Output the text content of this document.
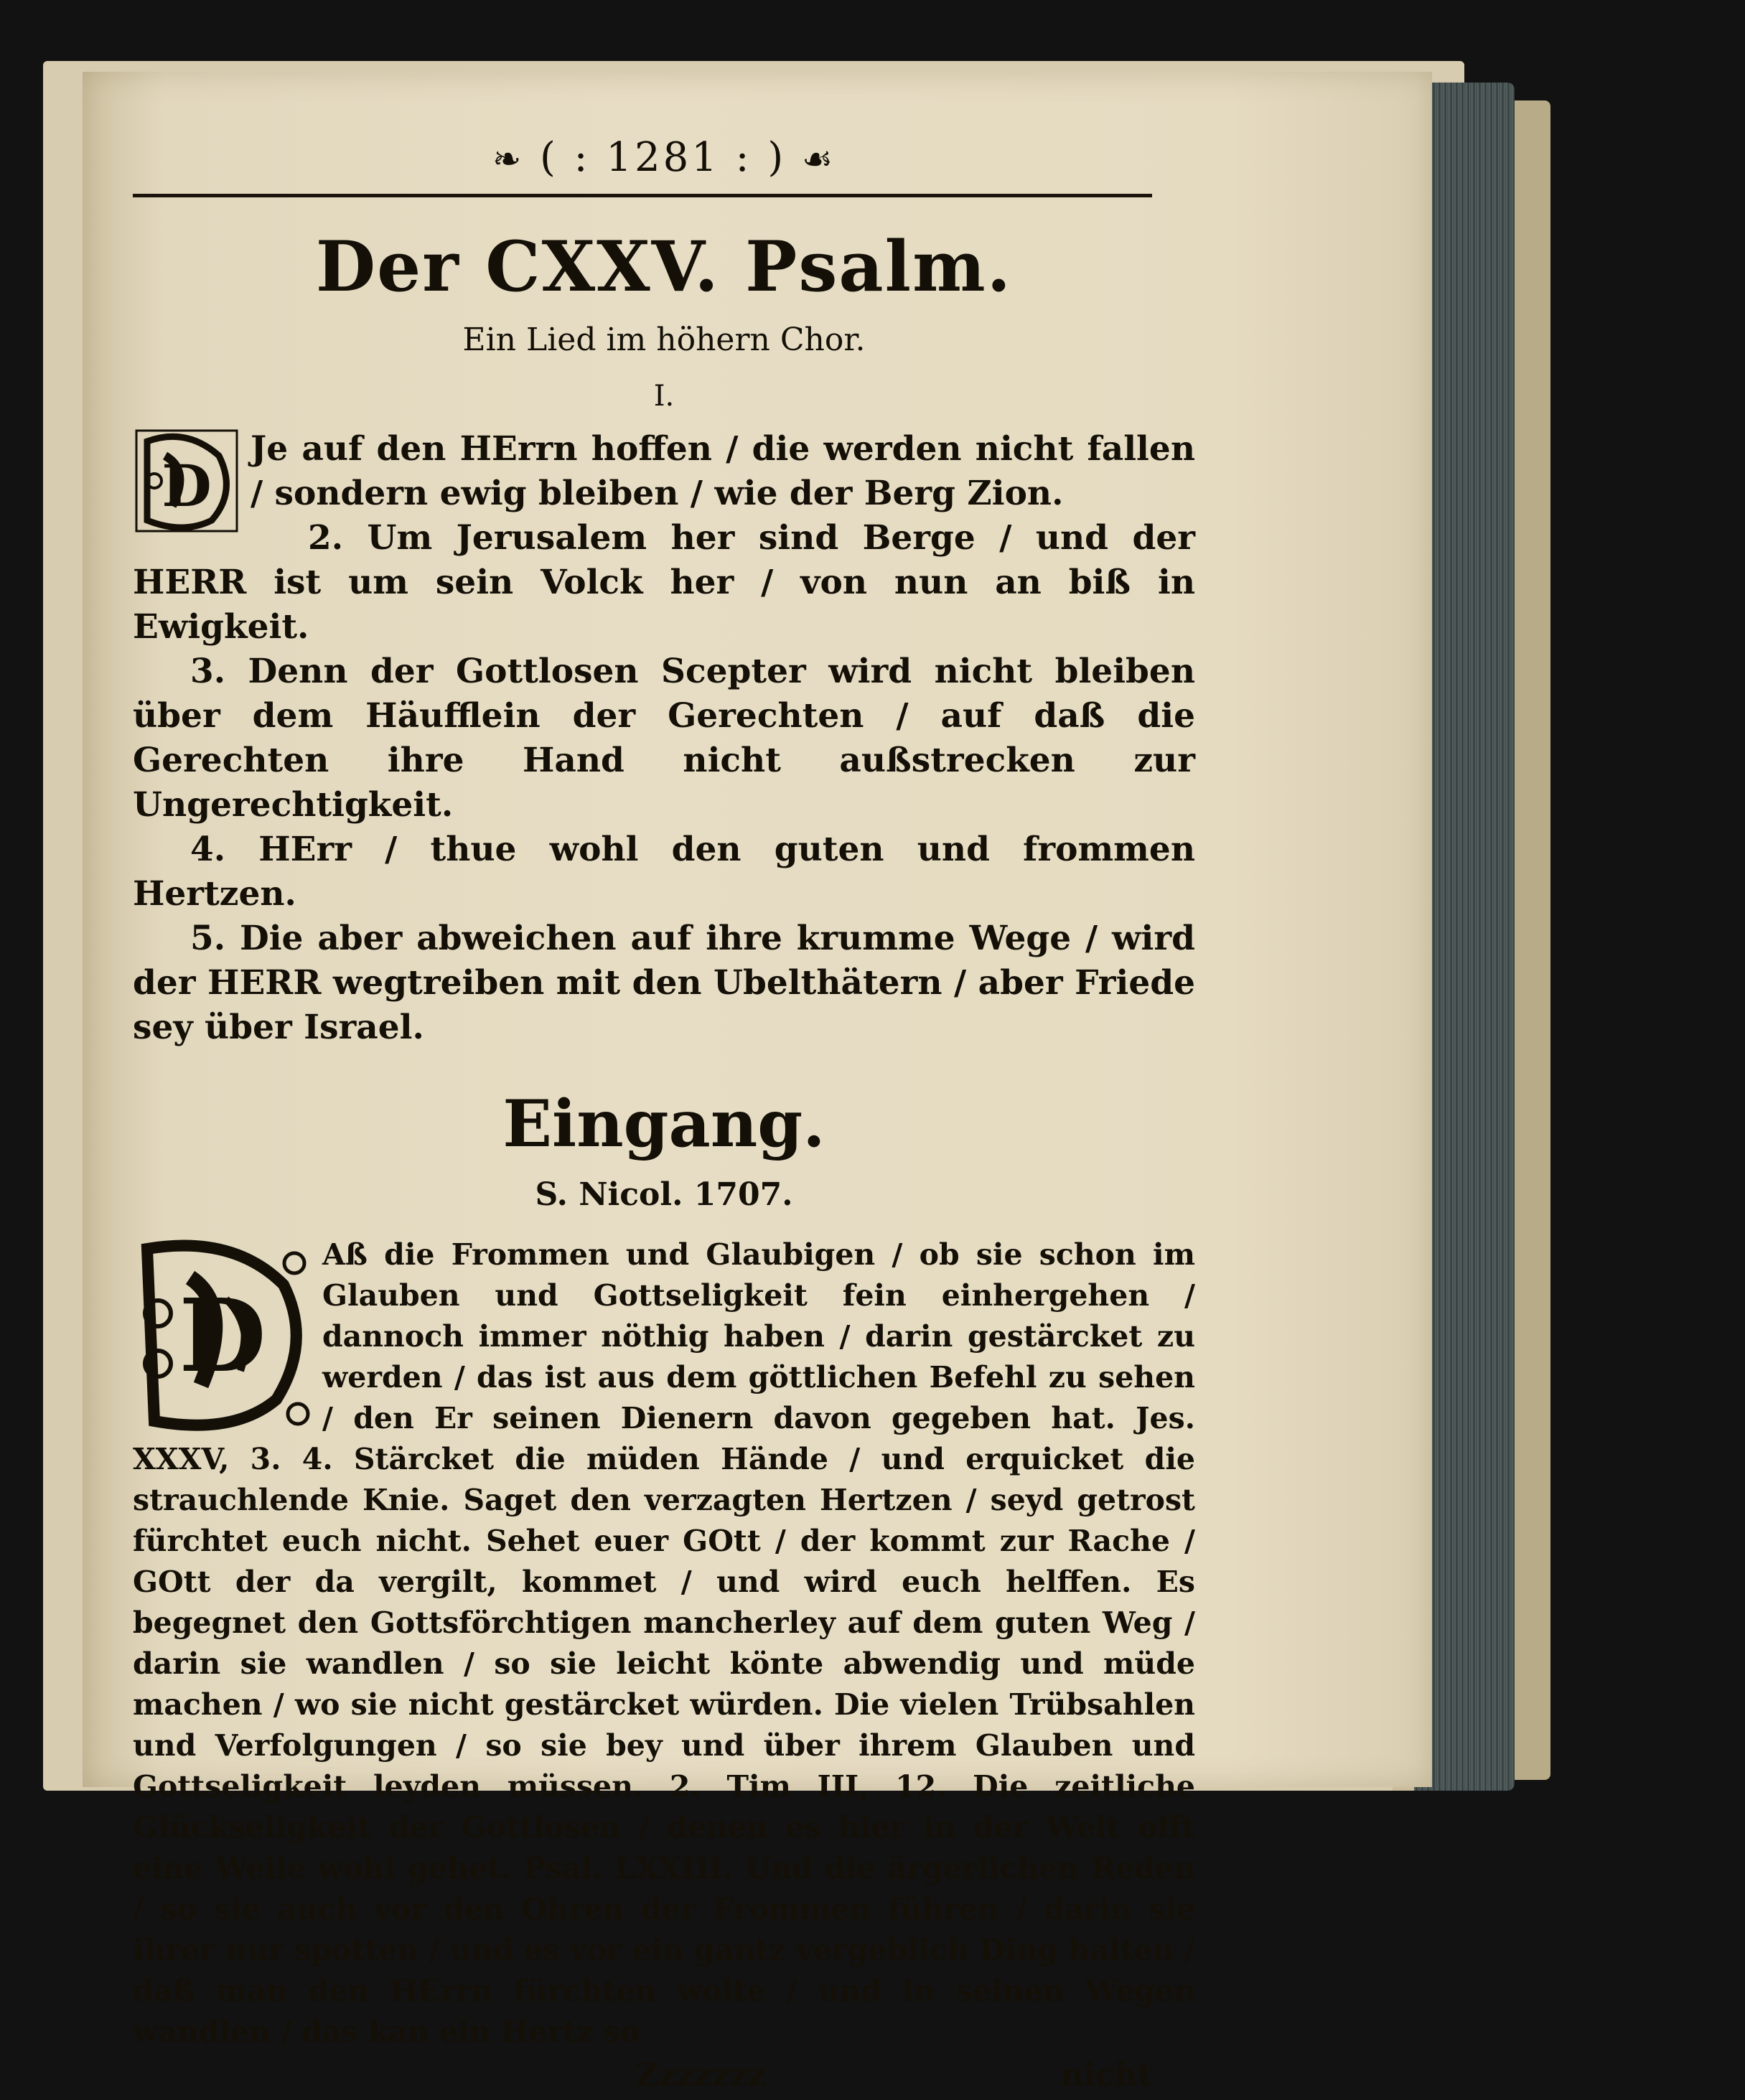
❧ ( : 1281 : ) ☙
Der CXXV. Psalm.
Ein Lied im höhern Chor.
I.
D
Je auf den HErrn hoffen / die werden nicht fallen / sondern ewig bleiben / wie der Berg Zion.
2. Um Jerusalem her sind Berge / und der HERR ist um sein Volck her / von nun an biß in Ewigkeit.
3. Denn der Gottlosen Scepter wird nicht bleiben über dem Häufflein der Gerechten / auf daß die Gerechten ihre Hand nicht außstrecken zur Ungerechtigkeit.
4. HErr / thue wohl den guten und frommen Hertzen.
5. Die aber abweichen auf ihre krumme Wege / wird der HERR wegtreiben mit den Ubelthätern / aber Friede sey über Israel.
Eingang.
S. Nicol. 1707.
D
Aß die Frommen und Glaubigen / ob sie schon im Glauben und Gottseligkeit fein einhergehen / dannoch immer nöthig haben / darin gestärcket zu werden / das ist aus dem göttlichen Befehl zu sehen / den Er seinen Dienern davon gegeben hat. Jes. XXXV, 3. 4. Stärcket die müden Hände / und erquicket die strauchlende Knie. Saget den verzagten Hertzen / seyd getrost fürchtet euch nicht. Sehet euer GOtt / der kommt zur Rache / GOtt der da vergilt, kommet / und wird euch helffen. Es begegnet den Gottsförchtigen mancherley auf dem guten Weg / darin sie wandlen / so sie leicht könte abwendig und müde machen / wo sie nicht gestärcket würden. Die vielen Trübsahlen und Verfolgungen / so sie bey und über ihrem Glauben und Gottseligkeit leyden müssen. 2. Tim III, 12. Die zeitliche Glückseligkeit der Gottlosen / denen es hier in der Welt offt eine Weile wohl gehet. Psal. LXXIII. Und die ärgerlichen Reden / so sie auch vor den Ohren der Frommen führen / darin sie ihrer nur spotten / und es vor ein gantz vergeblich Ding halten / daß man den HErrn fürchten wolte / und in seinen Wegen wandlen / das kan ein Hertz so
Zzzzzzz	nicht
